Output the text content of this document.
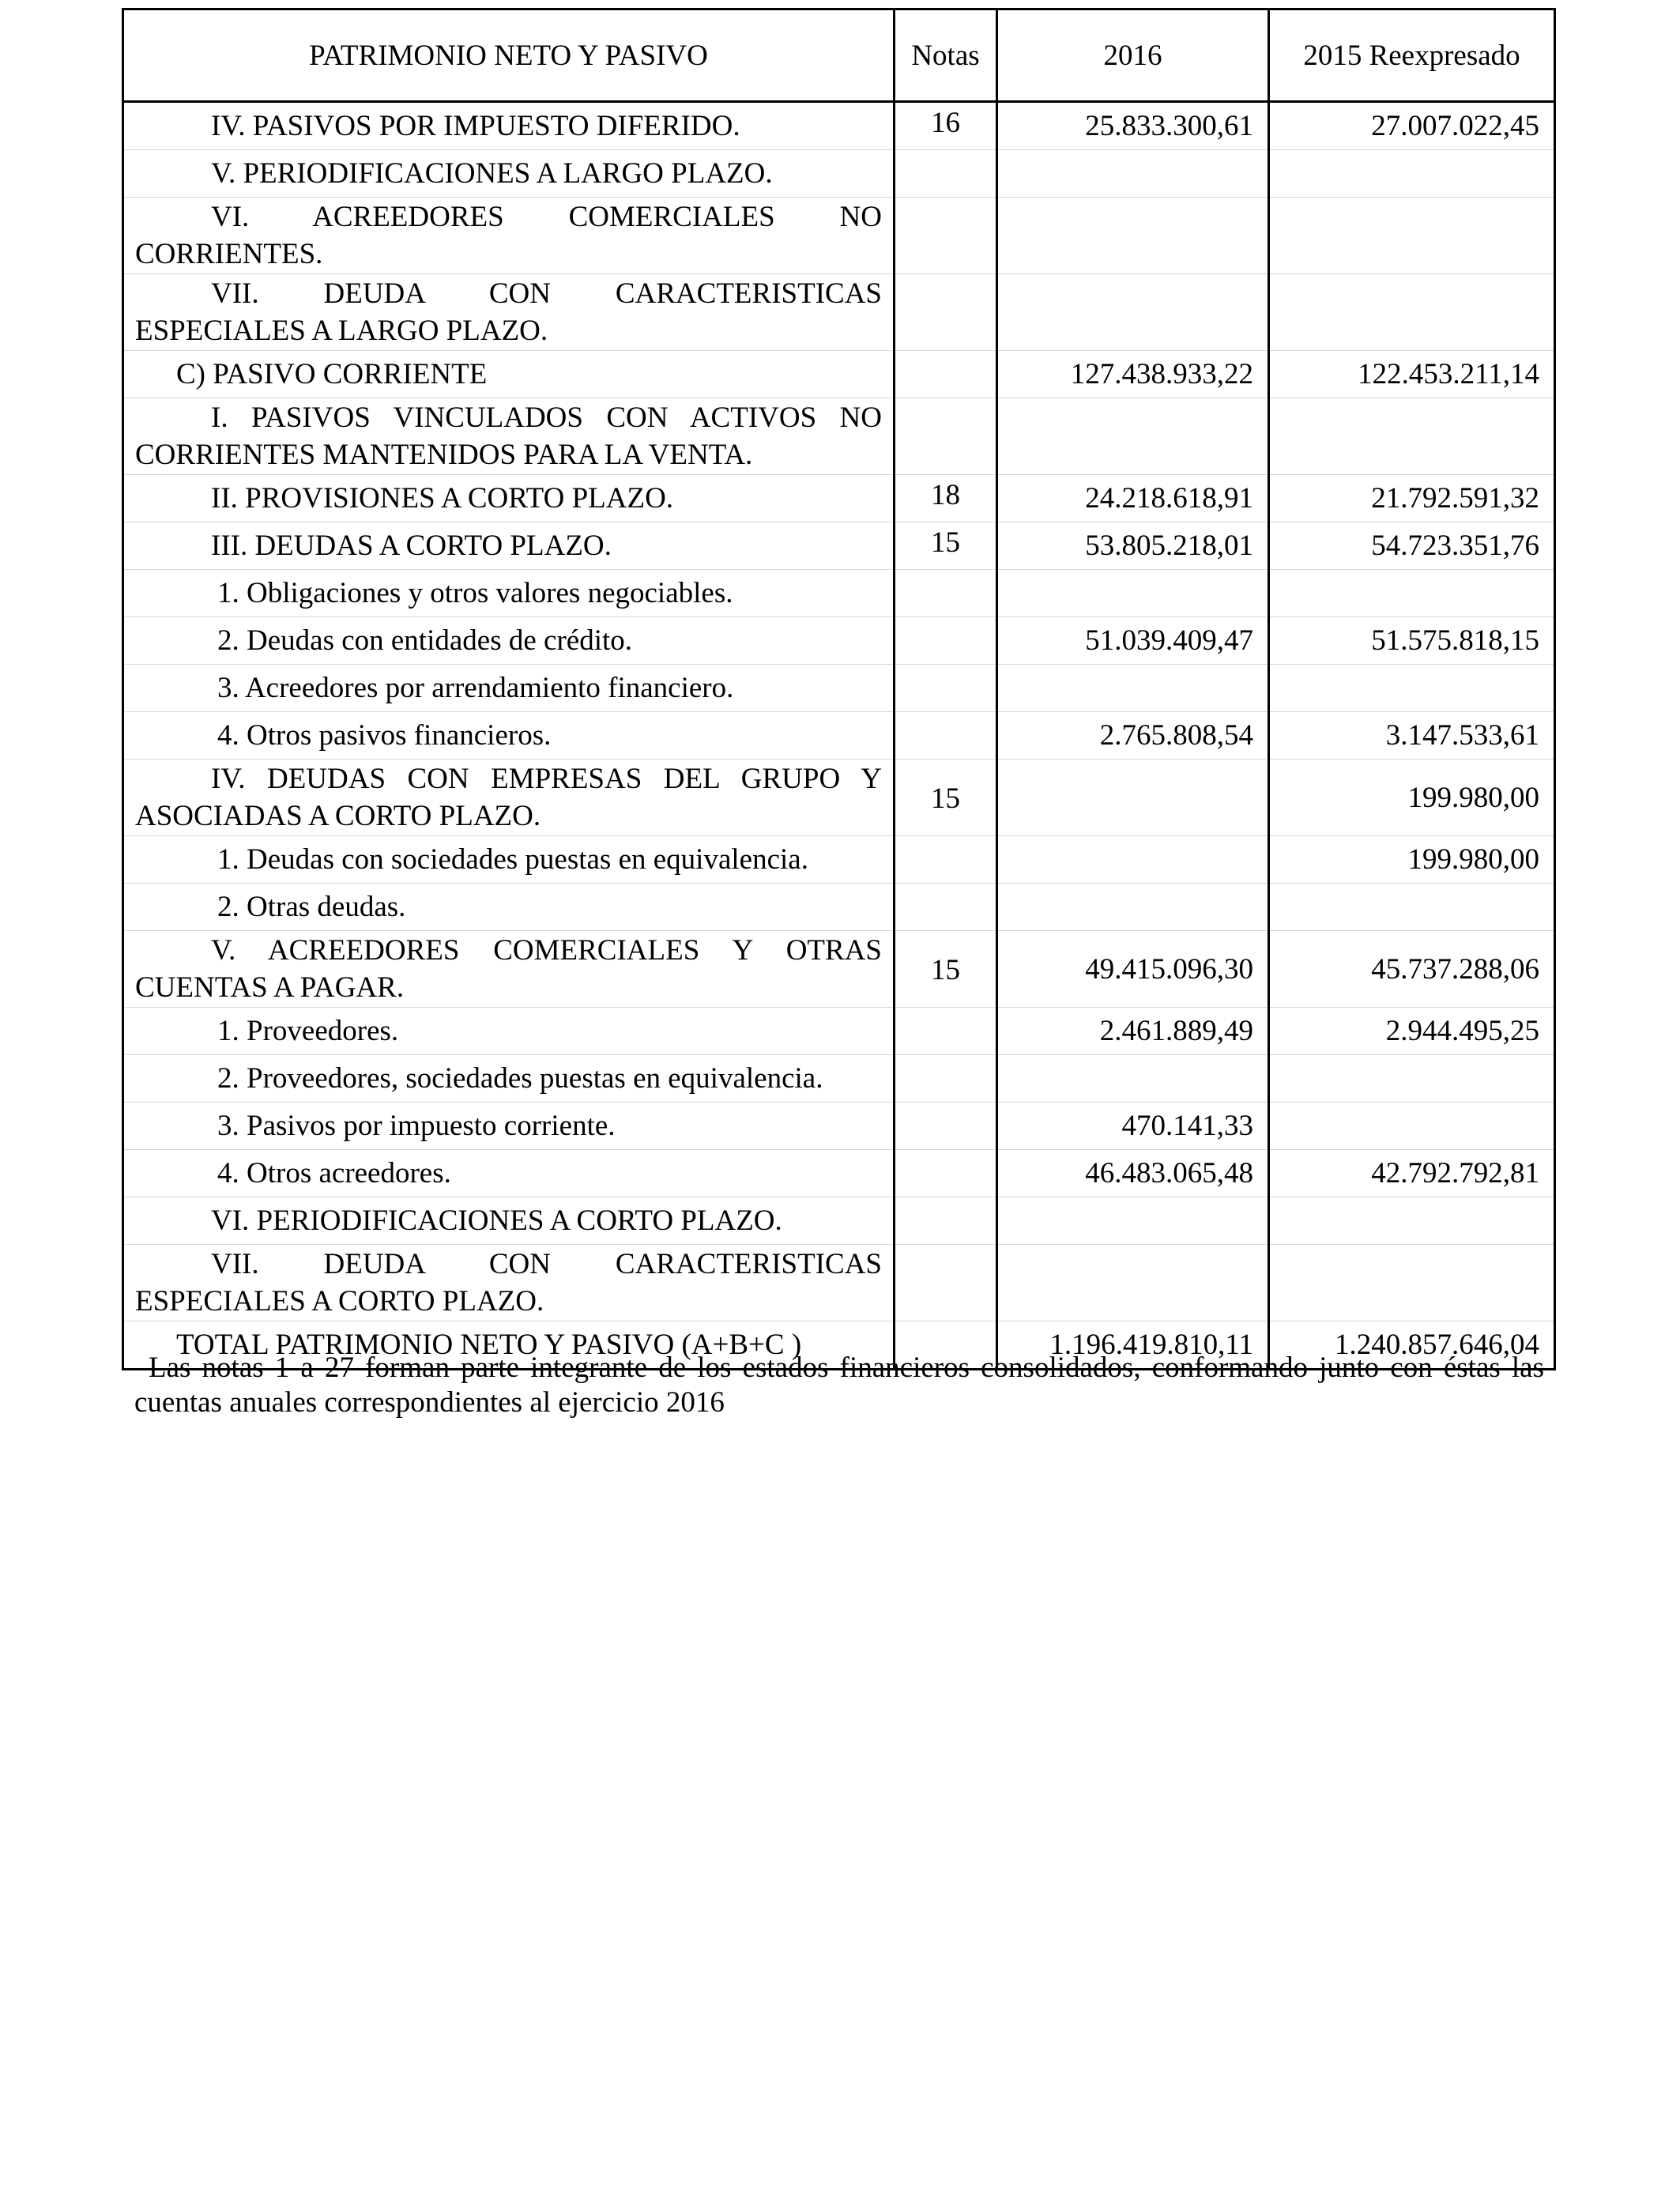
PATRIMONIO NETO Y PASIVO	Notas	2016	2015 Reexpresado
IV. PASIVOS POR IMPUESTO DIFERIDO.	16	25.833.300,61	27.007.022,45
V. PERIODIFICACIONES A LARGO PLAZO.			
VI. ACREEDORES COMERCIALES NO CORRIENTES.			
VII. DEUDA CON CARACTERISTICAS ESPECIALES A LARGO PLAZO.			
C) PASIVO CORRIENTE		127.438.933,22	122.453.211,14
I. PASIVOS VINCULADOS CON ACTIVOS NO CORRIENTES MANTENIDOS PARA LA VENTA.			
II. PROVISIONES A CORTO PLAZO.	18	24.218.618,91	21.792.591,32
III. DEUDAS A CORTO PLAZO.	15	53.805.218,01	54.723.351,76
1. Obligaciones y otros valores negociables.			
2. Deudas con entidades de crédito.		51.039.409,47	51.575.818,15
3. Acreedores por arrendamiento financiero.			
4. Otros pasivos financieros.		2.765.808,54	3.147.533,61
IV. DEUDAS CON EMPRESAS DEL GRUPO Y ASOCIADAS A CORTO PLAZO.	15		199.980,00
1. Deudas con sociedades puestas en equivalencia.			199.980,00
2. Otras deudas.			
V. ACREEDORES COMERCIALES Y OTRAS CUENTAS A PAGAR.	15	49.415.096,30	45.737.288,06
1. Proveedores.		2.461.889,49	2.944.495,25
2. Proveedores, sociedades puestas en equivalencia.			
3. Pasivos por impuesto corriente.		470.141,33	
4. Otros acreedores.		46.483.065,48	42.792.792,81
VI. PERIODIFICACIONES A CORTO PLAZO.			
VII. DEUDA CON CARACTERISTICAS ESPECIALES A CORTO PLAZO.			
TOTAL PATRIMONIO NETO Y PASIVO (A+B+C )		1.196.419.810,11	1.240.857.646,04

Las notas 1 a 27 forman parte integrante de los estados financieros consolidados, conformando junto con éstas las cuentas anuales correspondientes al ejercicio 2016
